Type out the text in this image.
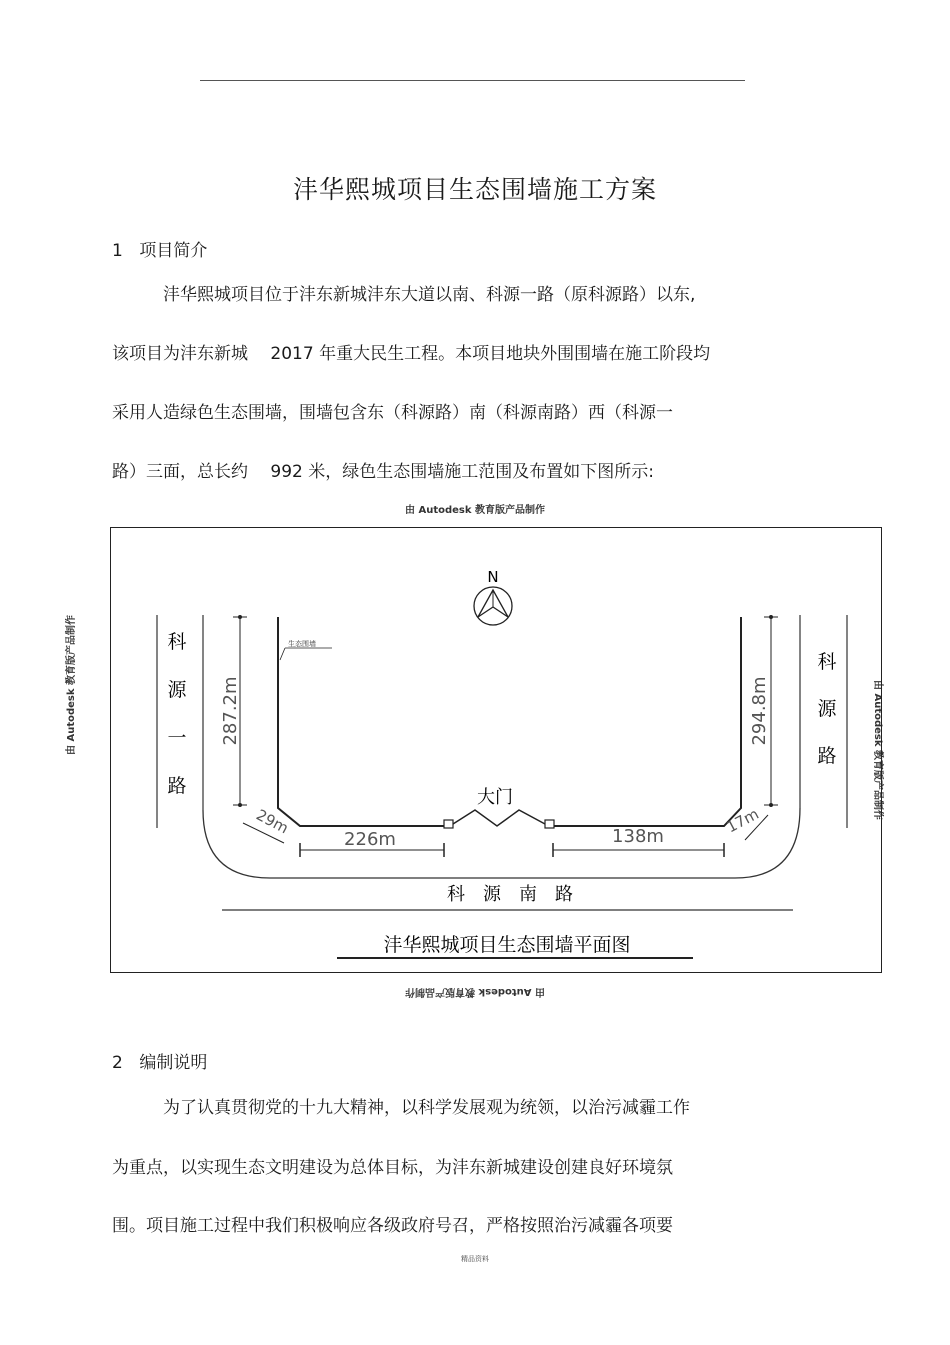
沣华熙城项目生态围墙施工方案
1 项目简介
沣华熙城项目位于沣东新城沣东大道以南、科源一路（原科源路）以东,
该项目为沣东新城　 2017 年重大民生工程。本项目地块外围围墙在施工阶段均
采用人造绿色生态围墙，围墙包含东（科源路）南（科源南路）西（科源一
路）三面，总长约　 992 米，绿色生态围墙施工范围及布置如下图所示:
由 Autodesk 教育版产品制作
由 Autodesk 教育版产品制作
由 Autodesk 教育版产品制作	由 Autodesk 教育版产品制作
N
287.2m	294.8m
226m	138m
29m	17m
生态围墙
大门
科
源
一
路
科
源
路
科　源　南　路
沣华熙城项目生态围墙平面图
2 编制说明
为了认真贯彻党的十九大精神，以科学发展观为统领，以治污减霾工作
为重点，以实现生态文明建设为总体目标，为沣东新城建设创建良好环境氛
围。项目施工过程中我们积极响应各级政府号召，严格按照治污减霾各项要
精品资料
